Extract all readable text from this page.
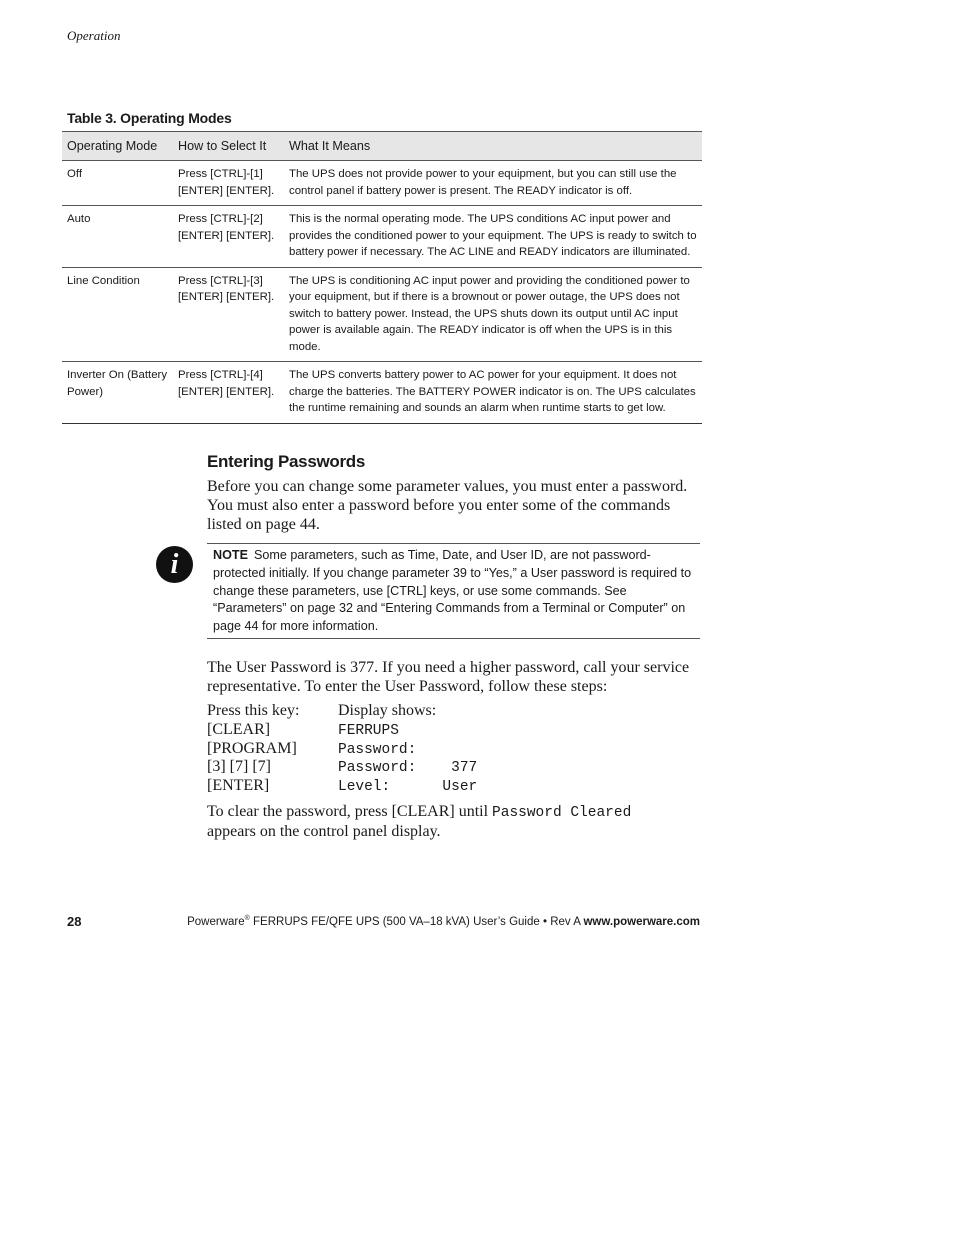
Operation
Table 3. Operating Modes
Operating Mode	How to Select It	What It Means
Off	Press [CTRL]-[1] [ENTER] [ENTER].	The UPS does not provide power to your equipment, but you can still use the control panel if battery power is present. The READY indicator is off.
Auto	Press [CTRL]-[2] [ENTER] [ENTER].	This is the normal operating mode. The UPS conditions AC input power and provides the conditioned power to your equipment. The UPS is ready to switch to battery power if necessary. The AC LINE and READY indicators are illuminated.
Line Condition	Press [CTRL]-[3] [ENTER] [ENTER].	The UPS is conditioning AC input power and providing the conditioned power to your equipment, but if there is a brownout or power outage, the UPS does not switch to battery power. Instead, the UPS shuts down its output until AC input power is available again. The READY indicator is off when the UPS is in this mode.
Inverter On (Battery Power)	Press [CTRL]-[4] [ENTER] [ENTER].	The UPS converts battery power to AC power for your equipment. It does not charge the batteries. The BATTERY POWER indicator is on. The UPS calculates the runtime remaining and sounds an alarm when runtime starts to get low.
Entering Passwords
Before you can change some parameter values, you must enter a password. You must also enter a password before you enter some of the commands listed on page 44.
i	NOTE Some parameters, such as Time, Date, and User ID, are not password-protected initially. If you change parameter 39 to “Yes,” a User password is required to change these parameters, use [CTRL] keys, or use some commands. See “Parameters” on page 32 and “Entering Commands from a Terminal or Computer” on page 44 for more information.
The User Password is 377. If you need a higher password, call your service representative. To enter the User Password, follow these steps:
Press this key: Display shows:
[CLEAR]	FERRUPS
[PROGRAM]	Password:
[3] [7] [7]	Password:    377
[ENTER]	Level:      User
To clear the password, press [CLEAR] until Password Cleared
appears on the control panel display.
28	Powerware® FERRUPS FE/QFE UPS (500 VA–18 kVA) User’s Guide • Rev A www.powerware.com
